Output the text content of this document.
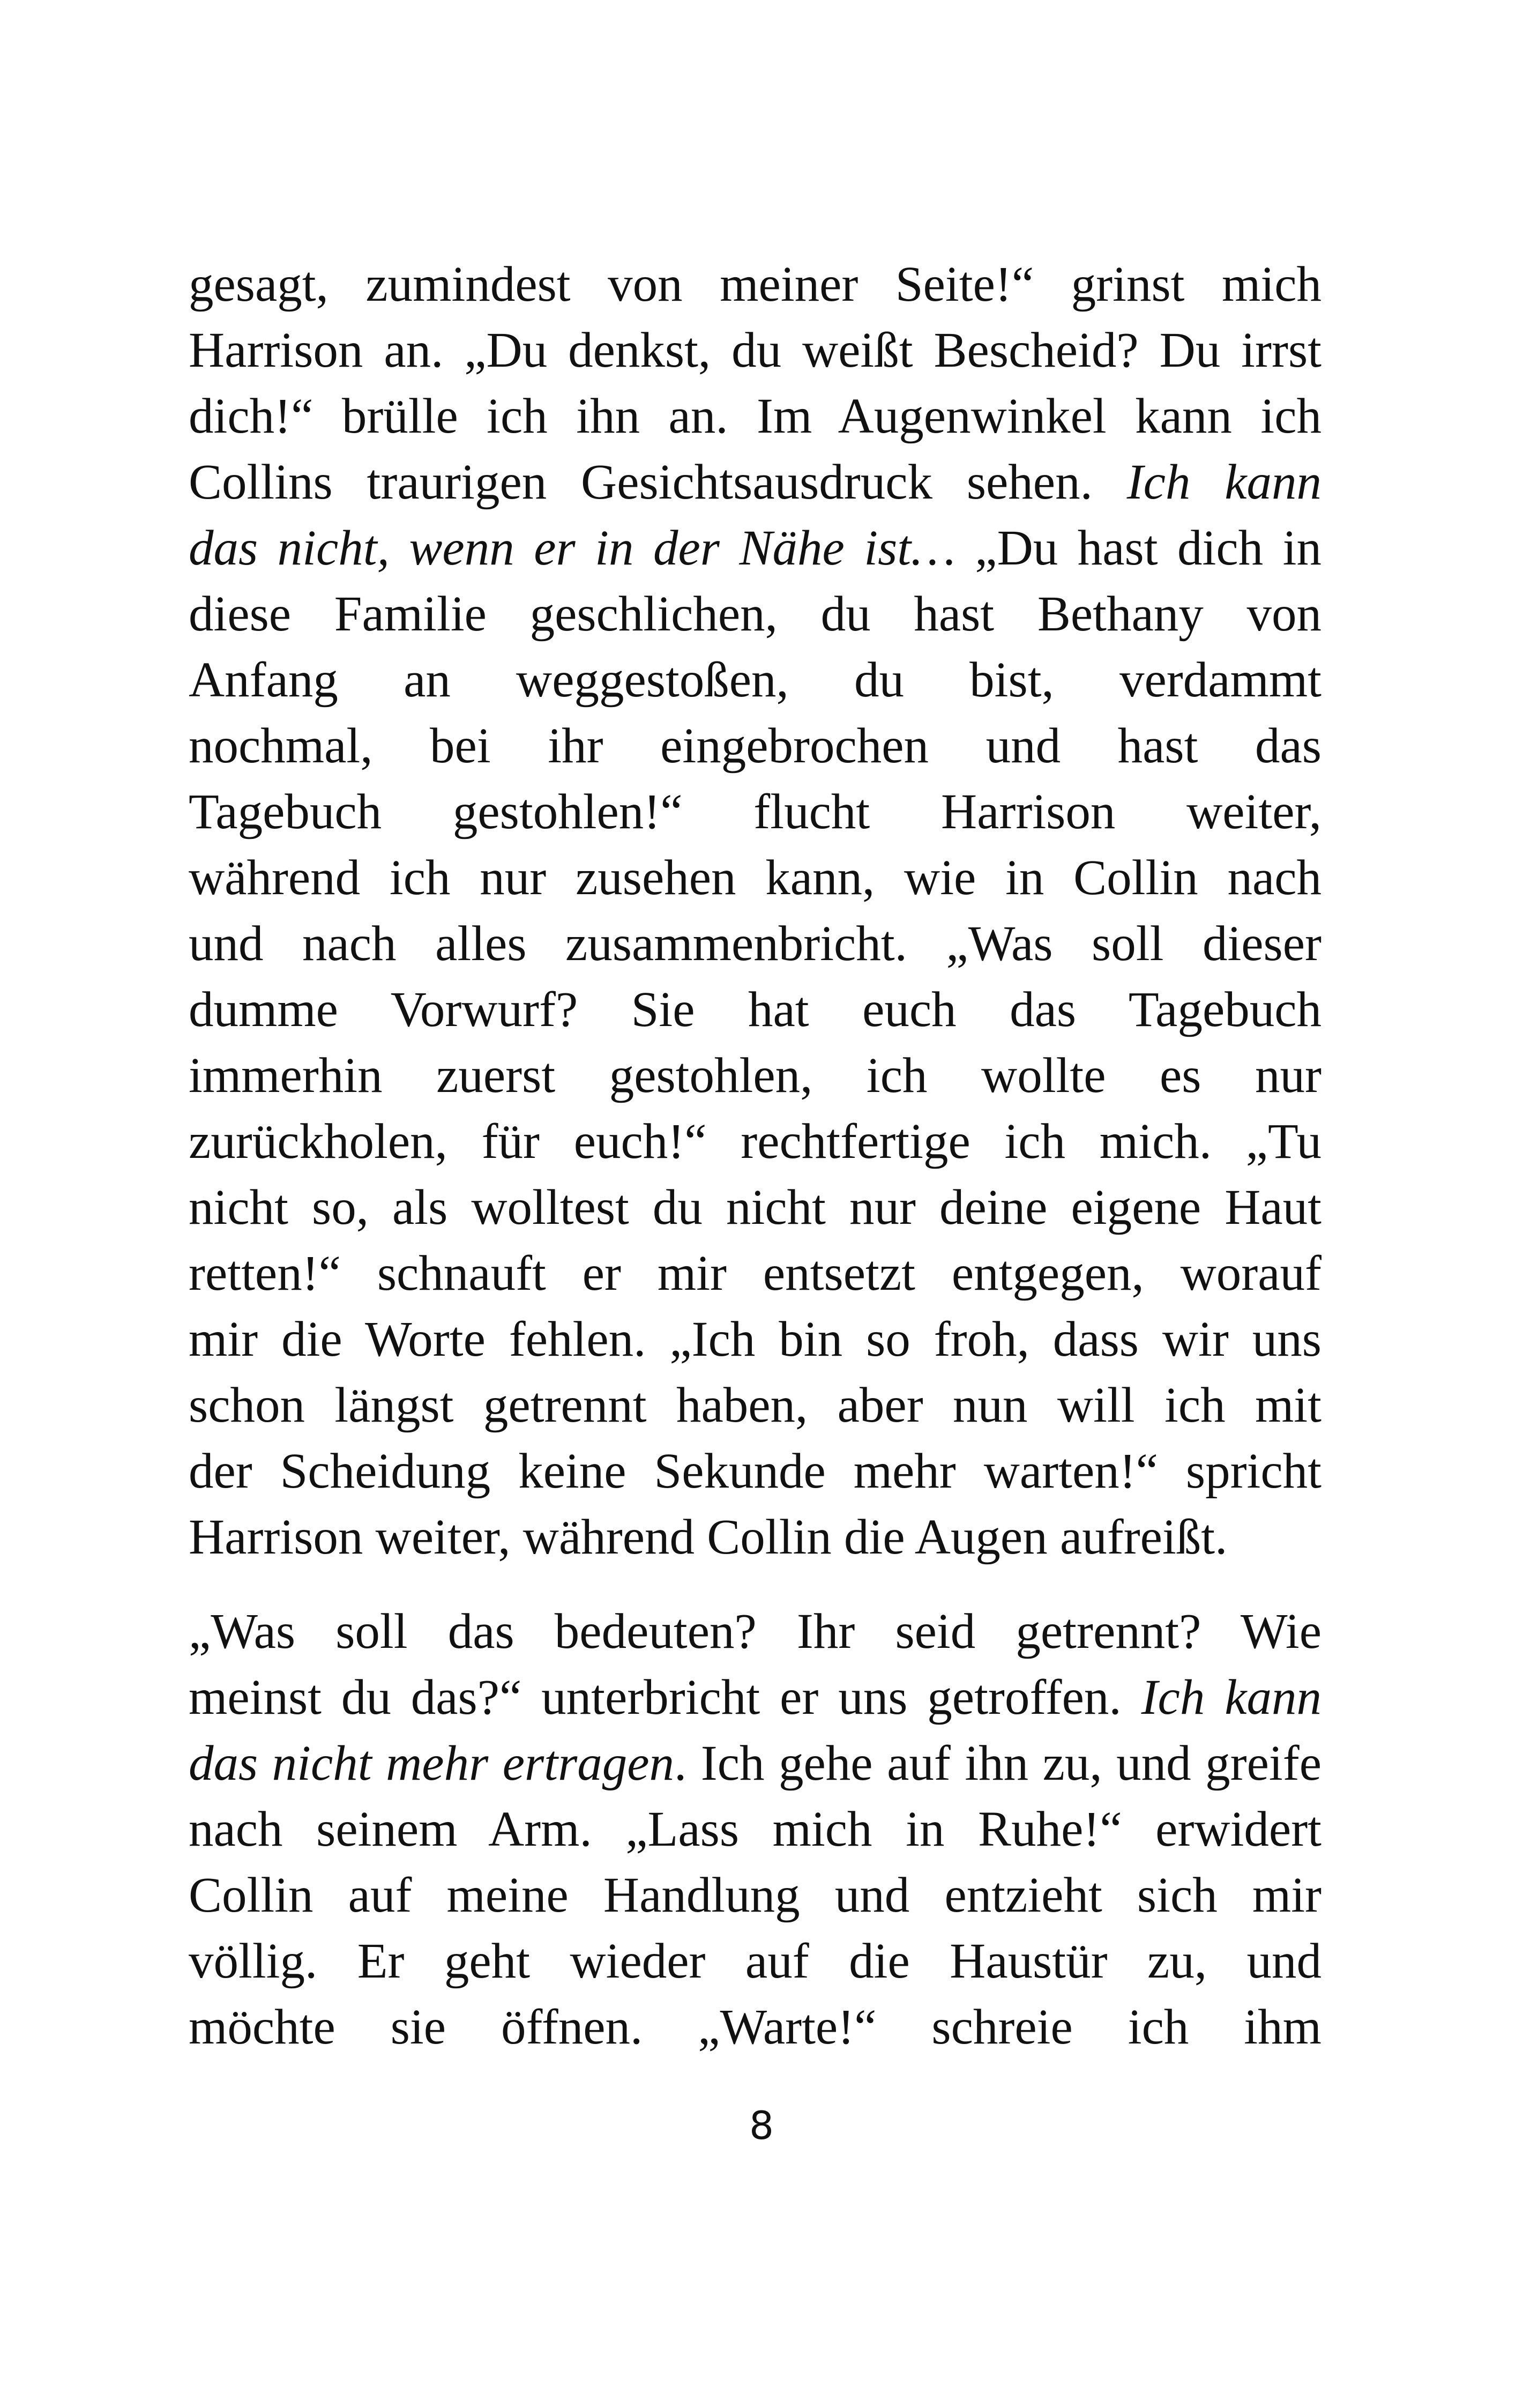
gesagt, zumindest von meiner Seite!“ grinst mich
Harrison an. „Du denkst, du weißt Bescheid? Du irrst
dich!“ brülle ich ihn an. Im Augenwinkel kann ich
Collins traurigen Gesichtsausdruck sehen. Ich kann
das nicht, wenn er in der Nähe ist… „Du hast dich in
diese Familie geschlichen, du hast Bethany von
Anfang an weggestoßen, du bist, verdammt
nochmal, bei ihr eingebrochen und hast das
Tagebuch gestohlen!“ flucht Harrison weiter,
während ich nur zusehen kann, wie in Collin nach
und nach alles zusammenbricht. „Was soll dieser
dumme Vorwurf? Sie hat euch das Tagebuch
immerhin zuerst gestohlen, ich wollte es nur
zurückholen, für euch!“ rechtfertige ich mich. „Tu
nicht so, als wolltest du nicht nur deine eigene Haut
retten!“ schnauft er mir entsetzt entgegen, worauf
mir die Worte fehlen. „Ich bin so froh, dass wir uns
schon längst getrennt haben, aber nun will ich mit
der Scheidung keine Sekunde mehr warten!“ spricht
Harrison weiter, während Collin die Augen aufreißt.
„Was soll das bedeuten? Ihr seid getrennt? Wie
meinst du das?“ unterbricht er uns getroffen. Ich kann
das nicht mehr ertragen. Ich gehe auf ihn zu, und greife
nach seinem Arm. „Lass mich in Ruhe!“ erwidert
Collin auf meine Handlung und entzieht sich mir
völlig. Er geht wieder auf die Haustür zu, und
möchte sie öffnen. „Warte!“ schreie ich ihm
8
